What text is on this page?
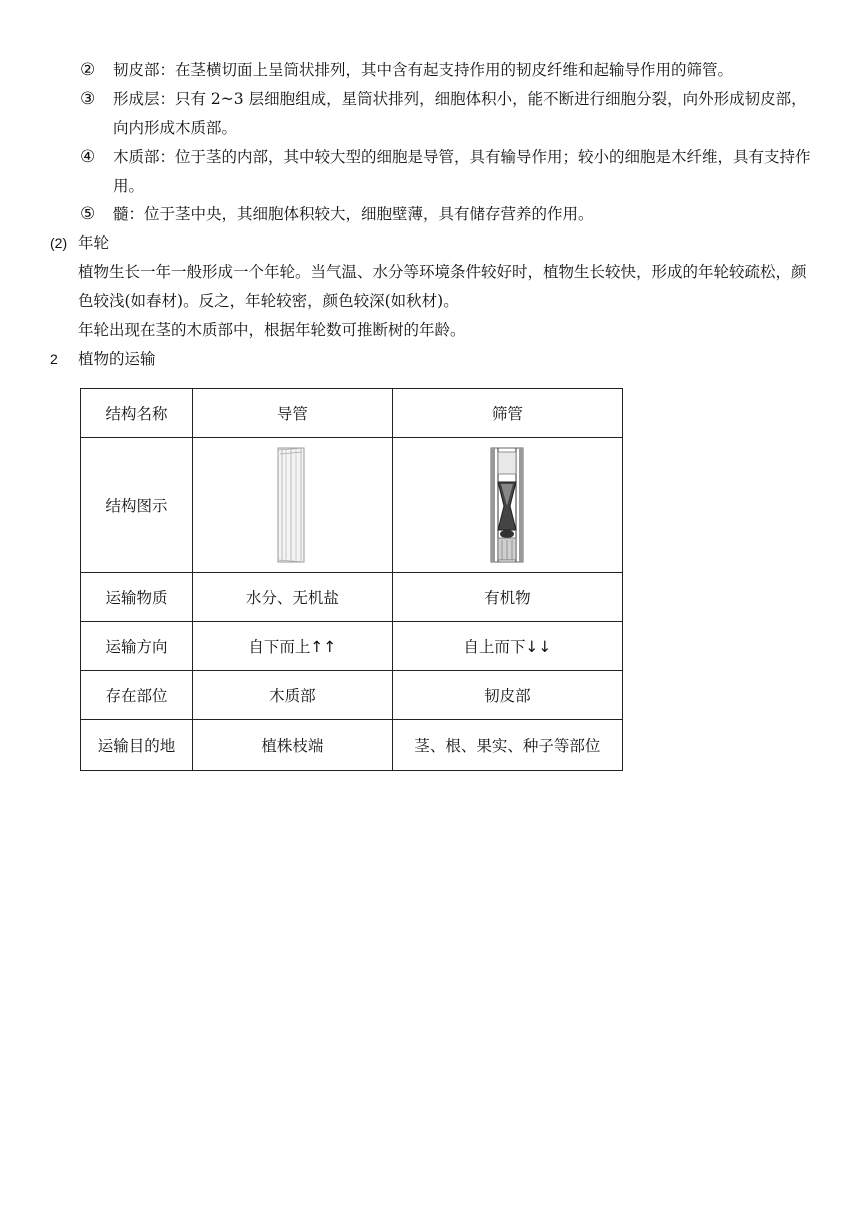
②	韧皮部：在茎横切面上呈筒状排列，其中含有起支持作用的韧皮纤维和起输导作用的筛管。
③	形成层：只有 2~3 层细胞组成，星筒状排列，细胞体积小，能不断进行细胞分裂，向外形成韧皮部，向内形成木质部。
④	木质部：位于茎的内部，其中较大型的细胞是导管，具有输导作用；较小的细胞是木纤维，具有支持作用。
⑤	髓：位于茎中央，其细胞体积较大，细胞壁薄，具有储存营养的作用。
(2) 年轮
植物生长一年一般形成一个年轮。当气温、水分等环境条件较好时，植物生长较快，形成的年轮较疏松，颜色较浅(如春材)。反之，年轮较密，颜色较深(如秋材)。
年轮出现在茎的木质部中，根据年轮数可推断树的年龄。
2 植物的运输
结构名称	导管	筛管
结构图示	

运输物质	水分、无机盐	有机物
运输方向	自下而上↑↑	自上而下↓↓
存在部位	木质部	韧皮部
运输目的地	植株枝端	茎、根、果实、种子等部位
